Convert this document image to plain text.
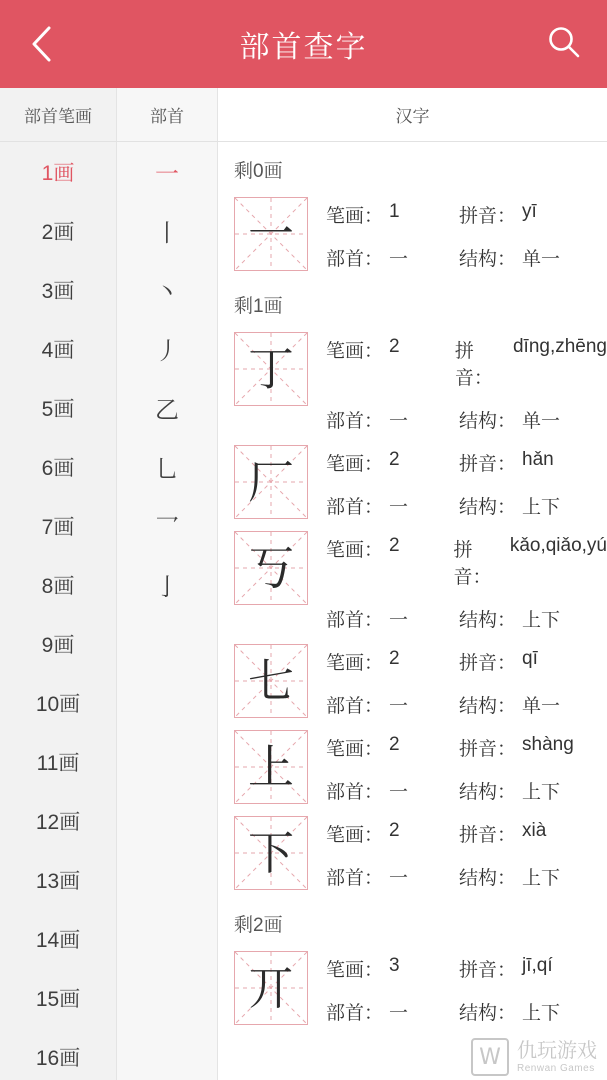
部首查字
部首笔画	部首	汉字
1画
2画
3画
4画
5画
6画
7画
8画
9画
10画
11画
12画
13画
14画
15画
16画
一
丨
丶
丿
乙
乚
乛
亅
剩0画
一	笔画： 1	拼音： yī
部首： 一	结构： 单一
剩1画
丁	笔画： 2	拼音：
dīng,zhēng
部首： 一	结构： 单一
厂	笔画： 2	拼音： hǎn
部首： 一	结构： 上下
丂	笔画： 2	拼音：
kǎo,qiǎo,yú
部首： 一	结构： 上下
七	笔画： 2	拼音： qī
部首： 一	结构： 单一
上	笔画： 2	拼音： shàng
部首： 一	结构： 上下
下	笔画： 2	拼音： xià
部首： 一	结构： 上下
剩2画
丌	笔画： 3	拼音： jī,qí
部首： 一	结构： 上下
W 仇玩游戏
Renwan Games
